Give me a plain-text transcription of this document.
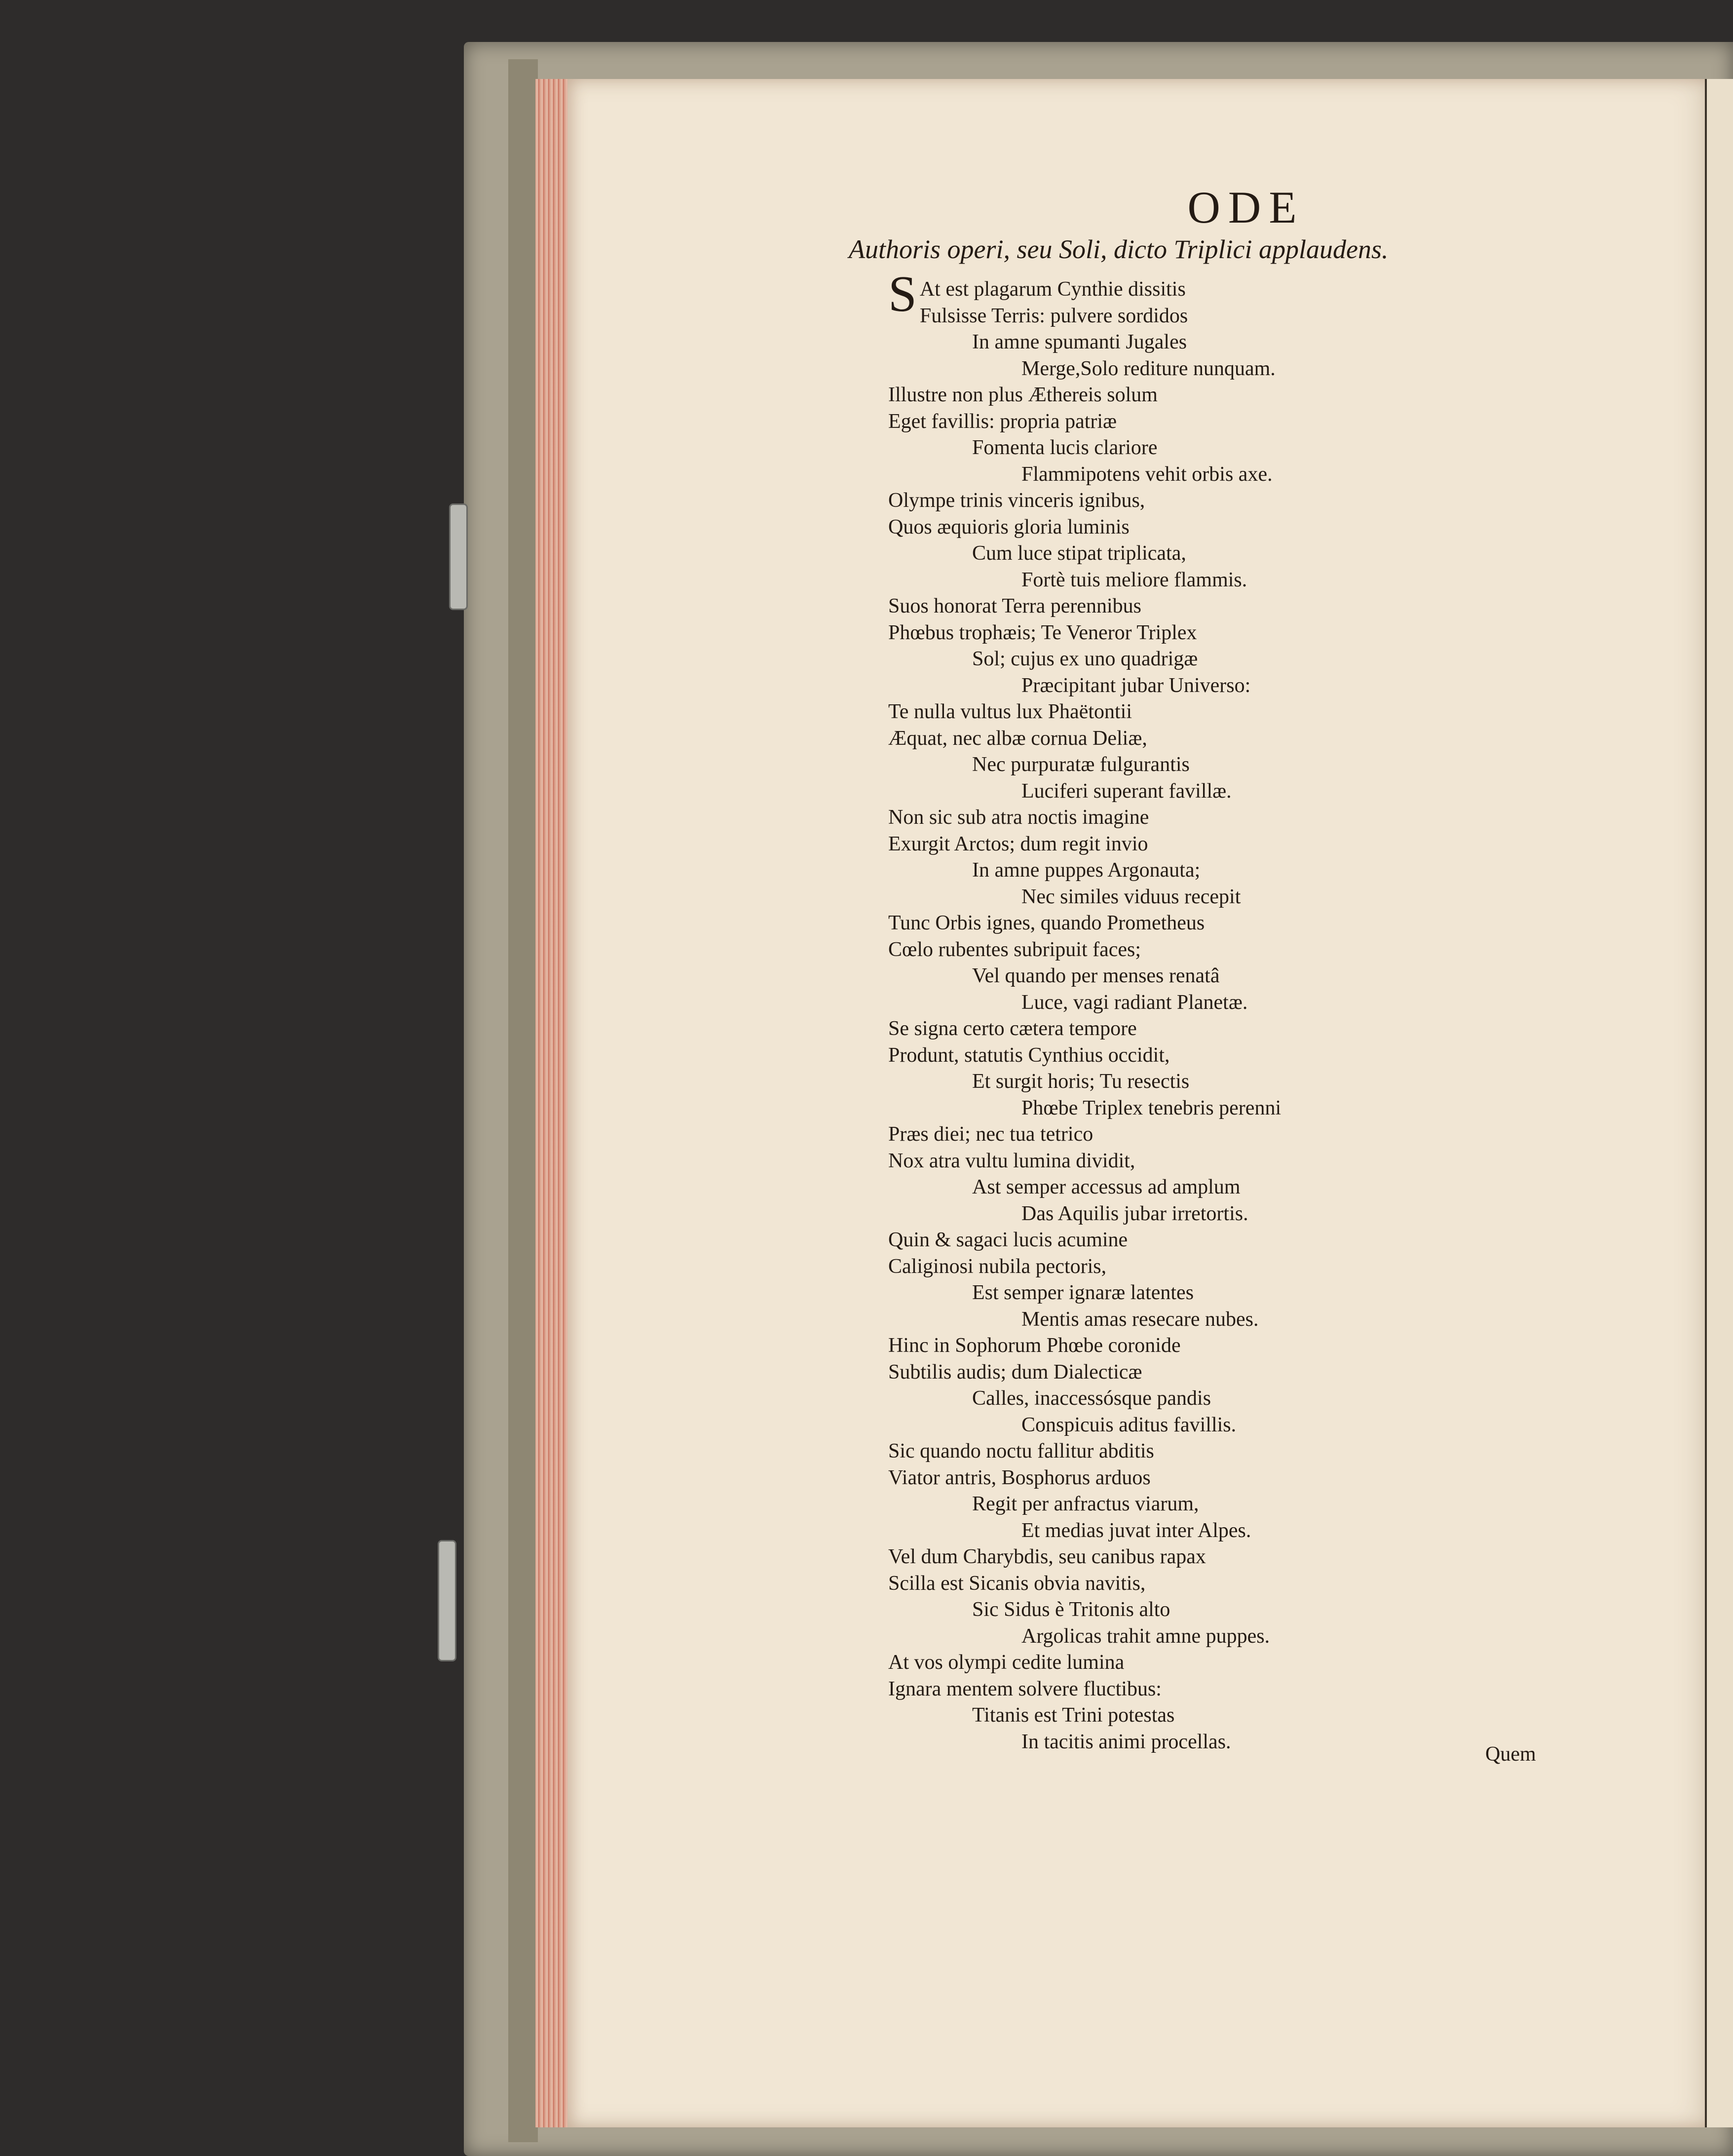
ODE
Authoris operi, seu Soli, dicto Triplici applaudens.
S At est plagarum Cynthie dissitis
Fulsisse Terris: pulvere sordidos
In amne spumanti Jugales
Merge,Solo rediture nunquam.
Illustre non plus Æthereis solum
Eget favillis: propria patriæ
Fomenta lucis clariore
Flammipotens vehit orbis axe.
Olympe trinis vinceris ignibus,
Quos æquioris gloria luminis
Cum luce stipat triplicata,
Fortè tuis meliore flammis.
Suos honorat Terra perennibus
Phœbus trophæis; Te Veneror Triplex
Sol; cujus ex uno quadrigæ
Præcipitant jubar Universo:
Te nulla vultus lux Phaëtontii
Æquat, nec albæ cornua Deliæ,
Nec purpuratæ fulgurantis
Luciferi superant favillæ.
Non sic sub atra noctis imagine
Exurgit Arctos; dum regit invio
In amne puppes Argonauta;
Nec similes viduus recepit
Tunc Orbis ignes, quando Prometheus
Cœlo rubentes subripuit faces;
Vel quando per menses renatâ
Luce, vagi radiant Planetæ.
Se signa certo cætera tempore
Produnt, statutis Cynthius occidit,
Et surgit horis; Tu resectis
Phœbe Triplex tenebris perenni
Præs diei; nec tua tetrico
Nox atra vultu lumina dividit,
Ast semper accessus ad amplum
Das Aquilis jubar irretortis.
Quin & sagaci lucis acumine
Caliginosi nubila pectoris,
Est semper ignaræ latentes
Mentis amas resecare nubes.
Hinc in Sophorum Phœbe coronide
Subtilis audis; dum Dialecticæ
Calles, inaccessósque pandis
Conspicuis aditus favillis.
Sic quando noctu fallitur abditis
Viator antris, Bosphorus arduos
Regit per anfractus viarum,
Et medias juvat inter Alpes.
Vel dum Charybdis, seu canibus rapax
Scilla est Sicanis obvia navitis,
Sic Sidus è Tritonis alto
Argolicas trahit amne puppes.
At vos olympi cedite lumina
Ignara mentem solvere fluctibus:
Titanis est Trini potestas
In tacitis animi procellas.
Quem
